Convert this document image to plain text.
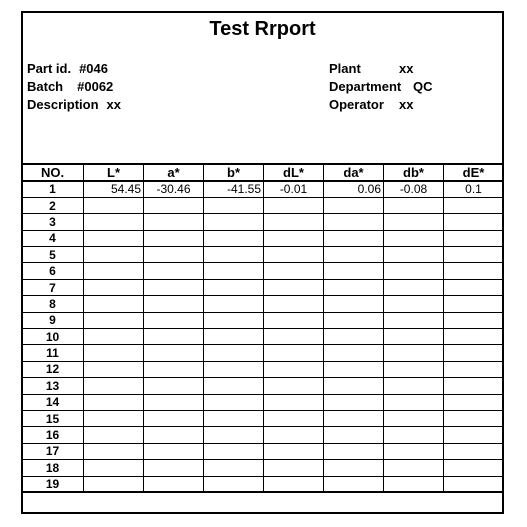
Test Rrport
Part id. #046
Batch #0062
Description xx
Plant	xx
Department QC
Operator xx
NO.	L*	a*	b*	dL*	da*	db*	dE*
1	54.45	-30.46	-41.55	-0.01	0.06	-0.08	0.1
2							
3							
4							
5							
6							
7							
8							
9							
10							
11							
12							
13							
14							
15							
16							
17							
18							
19							
